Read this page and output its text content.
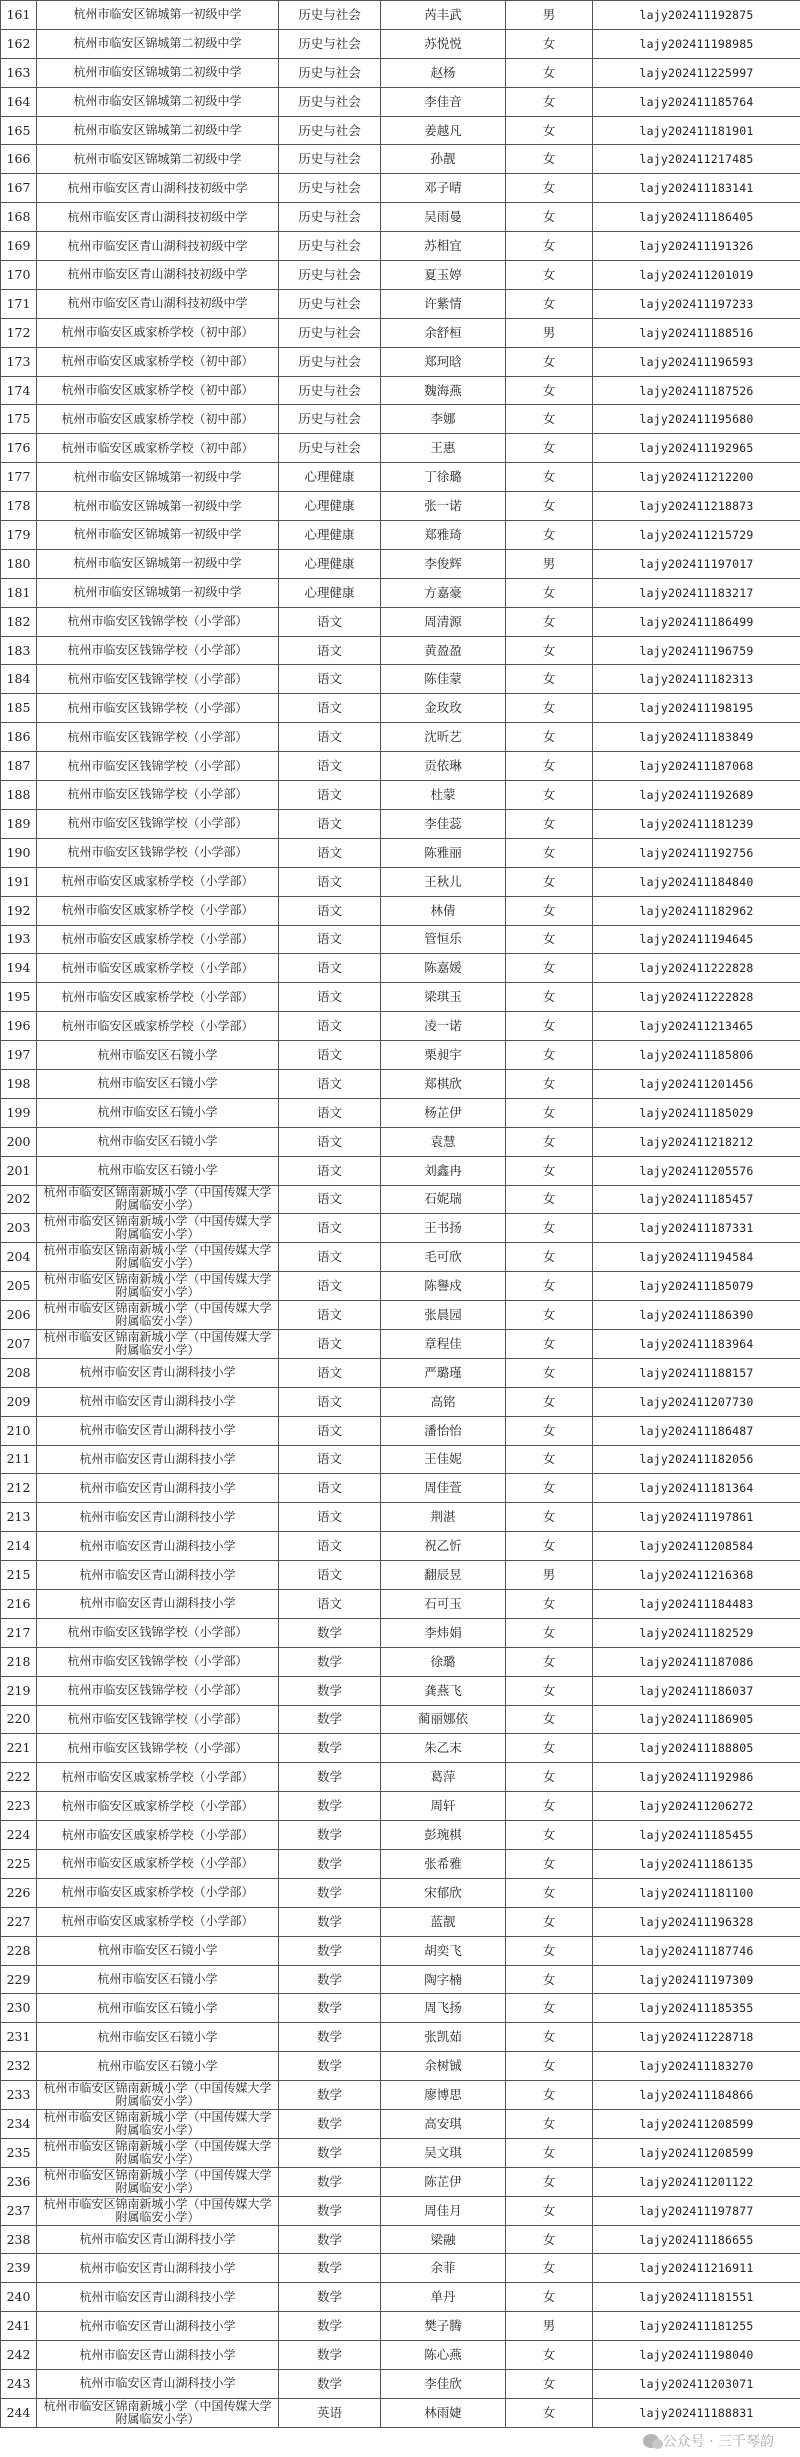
161	杭州市临安区锦城第一初级中学	历史与社会	芮丰武	男	lajy202411192875
162	杭州市临安区锦城第二初级中学	历史与社会	苏悦悦	女	lajy202411198985
163	杭州市临安区锦城第二初级中学	历史与社会	赵杨	女	lajy202411225997
164	杭州市临安区锦城第二初级中学	历史与社会	李佳音	女	lajy202411185764
165	杭州市临安区锦城第二初级中学	历史与社会	姜越凡	女	lajy202411181901
166	杭州市临安区锦城第二初级中学	历史与社会	孙靓	女	lajy202411217485
167	杭州市临安区青山湖科技初级中学	历史与社会	邓子晴	女	lajy202411183141
168	杭州市临安区青山湖科技初级中学	历史与社会	吴雨曼	女	lajy202411186405
169	杭州市临安区青山湖科技初级中学	历史与社会	苏相宜	女	lajy202411191326
170	杭州市临安区青山湖科技初级中学	历史与社会	夏玉婷	女	lajy202411201019
171	杭州市临安区青山湖科技初级中学	历史与社会	许紫情	女	lajy202411197233
172	杭州市临安区戚家桥学校（初中部）	历史与社会	余舒桓	男	lajy202411188516
173	杭州市临安区戚家桥学校（初中部）	历史与社会	郑珂晗	女	lajy202411196593
174	杭州市临安区戚家桥学校（初中部）	历史与社会	魏海燕	女	lajy202411187526
175	杭州市临安区戚家桥学校（初中部）	历史与社会	李娜	女	lajy202411195680
176	杭州市临安区戚家桥学校（初中部）	历史与社会	王惠	女	lajy202411192965
177	杭州市临安区锦城第一初级中学	心理健康	丁徐璐	女	lajy202411212200
178	杭州市临安区锦城第一初级中学	心理健康	张一诺	女	lajy202411218873
179	杭州市临安区锦城第一初级中学	心理健康	郑雅琦	女	lajy202411215729
180	杭州市临安区锦城第一初级中学	心理健康	李俊辉	男	lajy202411197017
181	杭州市临安区锦城第一初级中学	心理健康	方嘉豪	女	lajy202411183217
182	杭州市临安区钱锦学校（小学部）	语文	周清源	女	lajy202411186499
183	杭州市临安区钱锦学校（小学部）	语文	黄盈盈	女	lajy202411196759
184	杭州市临安区钱锦学校（小学部）	语文	陈佳蒙	女	lajy202411182313
185	杭州市临安区钱锦学校（小学部）	语文	金玫玫	女	lajy202411198195
186	杭州市临安区钱锦学校（小学部）	语文	沈昕艺	女	lajy202411183849
187	杭州市临安区钱锦学校（小学部）	语文	贡依琳	女	lajy202411187068
188	杭州市临安区钱锦学校（小学部）	语文	杜蒙	女	lajy202411192689
189	杭州市临安区钱锦学校（小学部）	语文	李佳蕊	女	lajy202411181239
190	杭州市临安区钱锦学校（小学部）	语文	陈雅丽	女	lajy202411192756
191	杭州市临安区戚家桥学校（小学部）	语文	王秋儿	女	lajy202411184840
192	杭州市临安区戚家桥学校（小学部）	语文	林倩	女	lajy202411182962
193	杭州市临安区戚家桥学校（小学部）	语文	管恒乐	女	lajy202411194645
194	杭州市临安区戚家桥学校（小学部）	语文	陈嘉媛	女	lajy202411222828
195	杭州市临安区戚家桥学校（小学部）	语文	梁琪玉	女	lajy202411222828
196	杭州市临安区戚家桥学校（小学部）	语文	凌一诺	女	lajy202411213465
197	杭州市临安区石镜小学	语文	栗昶宇	女	lajy202411185806
198	杭州市临安区石镜小学	语文	郑棋欣	女	lajy202411201456
199	杭州市临安区石镜小学	语文	杨芷伊	女	lajy202411185029
200	杭州市临安区石镜小学	语文	袁慧	女	lajy202411218212
201	杭州市临安区石镜小学	语文	刘鑫冉	女	lajy202411205576
202	杭州市临安区锦南新城小学（中国传媒大学附属临安小学）	语文	石妮瑞	女	lajy202411185457
203	杭州市临安区锦南新城小学（中国传媒大学附属临安小学）	语文	王书扬	女	lajy202411187331
204	杭州市临安区锦南新城小学（中国传媒大学附属临安小学）	语文	毛可欣	女	lajy202411194584
205	杭州市临安区锦南新城小学（中国传媒大学附属临安小学）	语文	陈譽戍	女	lajy202411185079
206	杭州市临安区锦南新城小学（中国传媒大学附属临安小学）	语文	张晨园	女	lajy202411186390
207	杭州市临安区锦南新城小学（中国传媒大学附属临安小学）	语文	章程佳	女	lajy202411183964
208	杭州市临安区青山湖科技小学	语文	严璐瑾	女	lajy202411188157
209	杭州市临安区青山湖科技小学	语文	高铭	女	lajy202411207730
210	杭州市临安区青山湖科技小学	语文	潘怡怡	女	lajy202411186487
211	杭州市临安区青山湖科技小学	语文	王佳妮	女	lajy202411182056
212	杭州市临安区青山湖科技小学	语文	周佳萱	女	lajy202411181364
213	杭州市临安区青山湖科技小学	语文	荆湛	女	lajy202411197861
214	杭州市临安区青山湖科技小学	语文	祝乙忻	女	lajy202411208584
215	杭州市临安区青山湖科技小学	语文	翻辰昱	男	lajy202411216368
216	杭州市临安区青山湖科技小学	语文	石可玉	女	lajy202411184483
217	杭州市临安区钱锦学校（小学部）	数学	李炜娟	女	lajy202411182529
218	杭州市临安区钱锦学校（小学部）	数学	徐璐	女	lajy202411187086
219	杭州市临安区钱锦学校（小学部）	数学	龚燕飞	女	lajy202411186037
220	杭州市临安区钱锦学校（小学部）	数学	蔺丽娜依	女	lajy202411186905
221	杭州市临安区钱锦学校（小学部）	数学	朱乙末	女	lajy202411188805
222	杭州市临安区戚家桥学校（小学部）	数学	葛萍	女	lajy202411192986
223	杭州市临安区戚家桥学校（小学部）	数学	周轩	女	lajy202411206272
224	杭州市临安区戚家桥学校（小学部）	数学	彭琬棋	女	lajy202411185455
225	杭州市临安区戚家桥学校（小学部）	数学	张希雅	女	lajy202411186135
226	杭州市临安区戚家桥学校（小学部）	数学	宋郁欣	女	lajy202411181100
227	杭州市临安区戚家桥学校（小学部）	数学	蓝靓	女	lajy202411196328
228	杭州市临安区石镜小学	数学	胡奕飞	女	lajy202411187746
229	杭州市临安区石镜小学	数学	陶字楠	女	lajy202411197309
230	杭州市临安区石镜小学	数学	周飞扬	女	lajy202411185355
231	杭州市临安区石镜小学	数学	张凯茹	女	lajy202411228718
232	杭州市临安区石镜小学	数学	余树铖	女	lajy202411183270
233	杭州市临安区锦南新城小学（中国传媒大学附属临安小学）	数学	廖博思	女	lajy202411184866
234	杭州市临安区锦南新城小学（中国传媒大学附属临安小学）	数学	高安琪	女	lajy202411208599
235	杭州市临安区锦南新城小学（中国传媒大学附属临安小学）	数学	吴文琪	女	lajy202411208599
236	杭州市临安区锦南新城小学（中国传媒大学附属临安小学）	数学	陈芷伊	女	lajy202411201122
237	杭州市临安区锦南新城小学（中国传媒大学附属临安小学）	数学	周佳月	女	lajy202411197877
238	杭州市临安区青山湖科技小学	数学	梁融	女	lajy202411186655
239	杭州市临安区青山湖科技小学	数学	余菲	女	lajy202411216911
240	杭州市临安区青山湖科技小学	数学	单丹	女	lajy202411181551
241	杭州市临安区青山湖科技小学	数学	樊子腾	男	lajy202411181255
242	杭州市临安区青山湖科技小学	数学	陈心燕	女	lajy202411198040
243	杭州市临安区青山湖科技小学	数学	李佳欣	女	lajy202411203071
244	杭州市临安区锦南新城小学（中国传媒大学附属临安小学）	英语	林雨婕	女	lajy202411188831
公众号 · 三千琴韵
